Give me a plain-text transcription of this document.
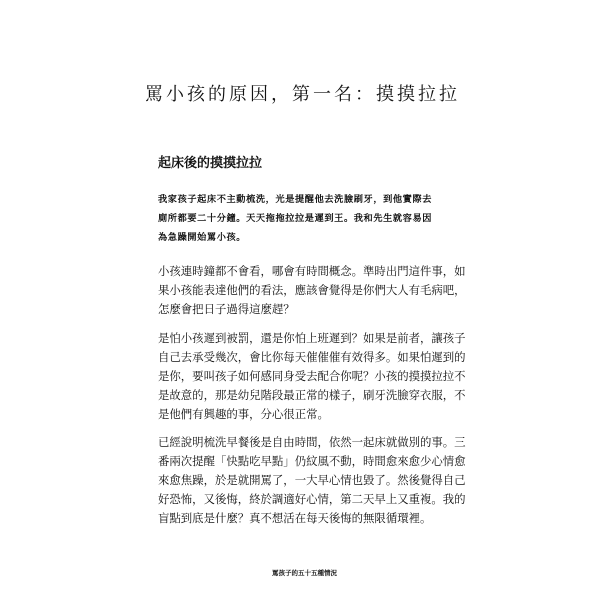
罵小孩的原因，第一名：摸摸拉拉
起床後的摸摸拉拉
我家孩子起床不主動梳洗，光是提醒他去洗臉刷牙，到他實際去
廁所都要二十分鐘。天天拖拖拉拉是遲到王。我和先生就容易因
為急躁開始罵小孩。
小孩連時鐘都不會看，哪會有時間概念。準時出門這件事，如
果小孩能表達他們的看法，應該會覺得是你們大人有毛病吧，
怎麼會把日子過得這麼趕？
是怕小孩遲到被罰，還是你怕上班遲到？如果是前者，讓孩子
自己去承受幾次，會比你每天催催催有效得多。如果怕遲到的
是你，要叫孩子如何感同身受去配合你呢？小孩的摸摸拉拉不
是故意的，那是幼兒階段最正常的樣子，刷牙洗臉穿衣服，不
是他們有興趣的事，分心很正常。
已經說明梳洗早餐後是自由時間，依然一起床就做別的事。三
番兩次提醒「快點吃早點」仍紋風不動，時間愈來愈少心情愈
來愈焦躁，於是就開罵了，一大早心情也毀了。然後覺得自己
好恐怖，又後悔，終於調適好心情，第二天早上又重複。我的
盲點到底是什麼？真不想活在每天後悔的無限循環裡。
罵孩子的五十五種情況
